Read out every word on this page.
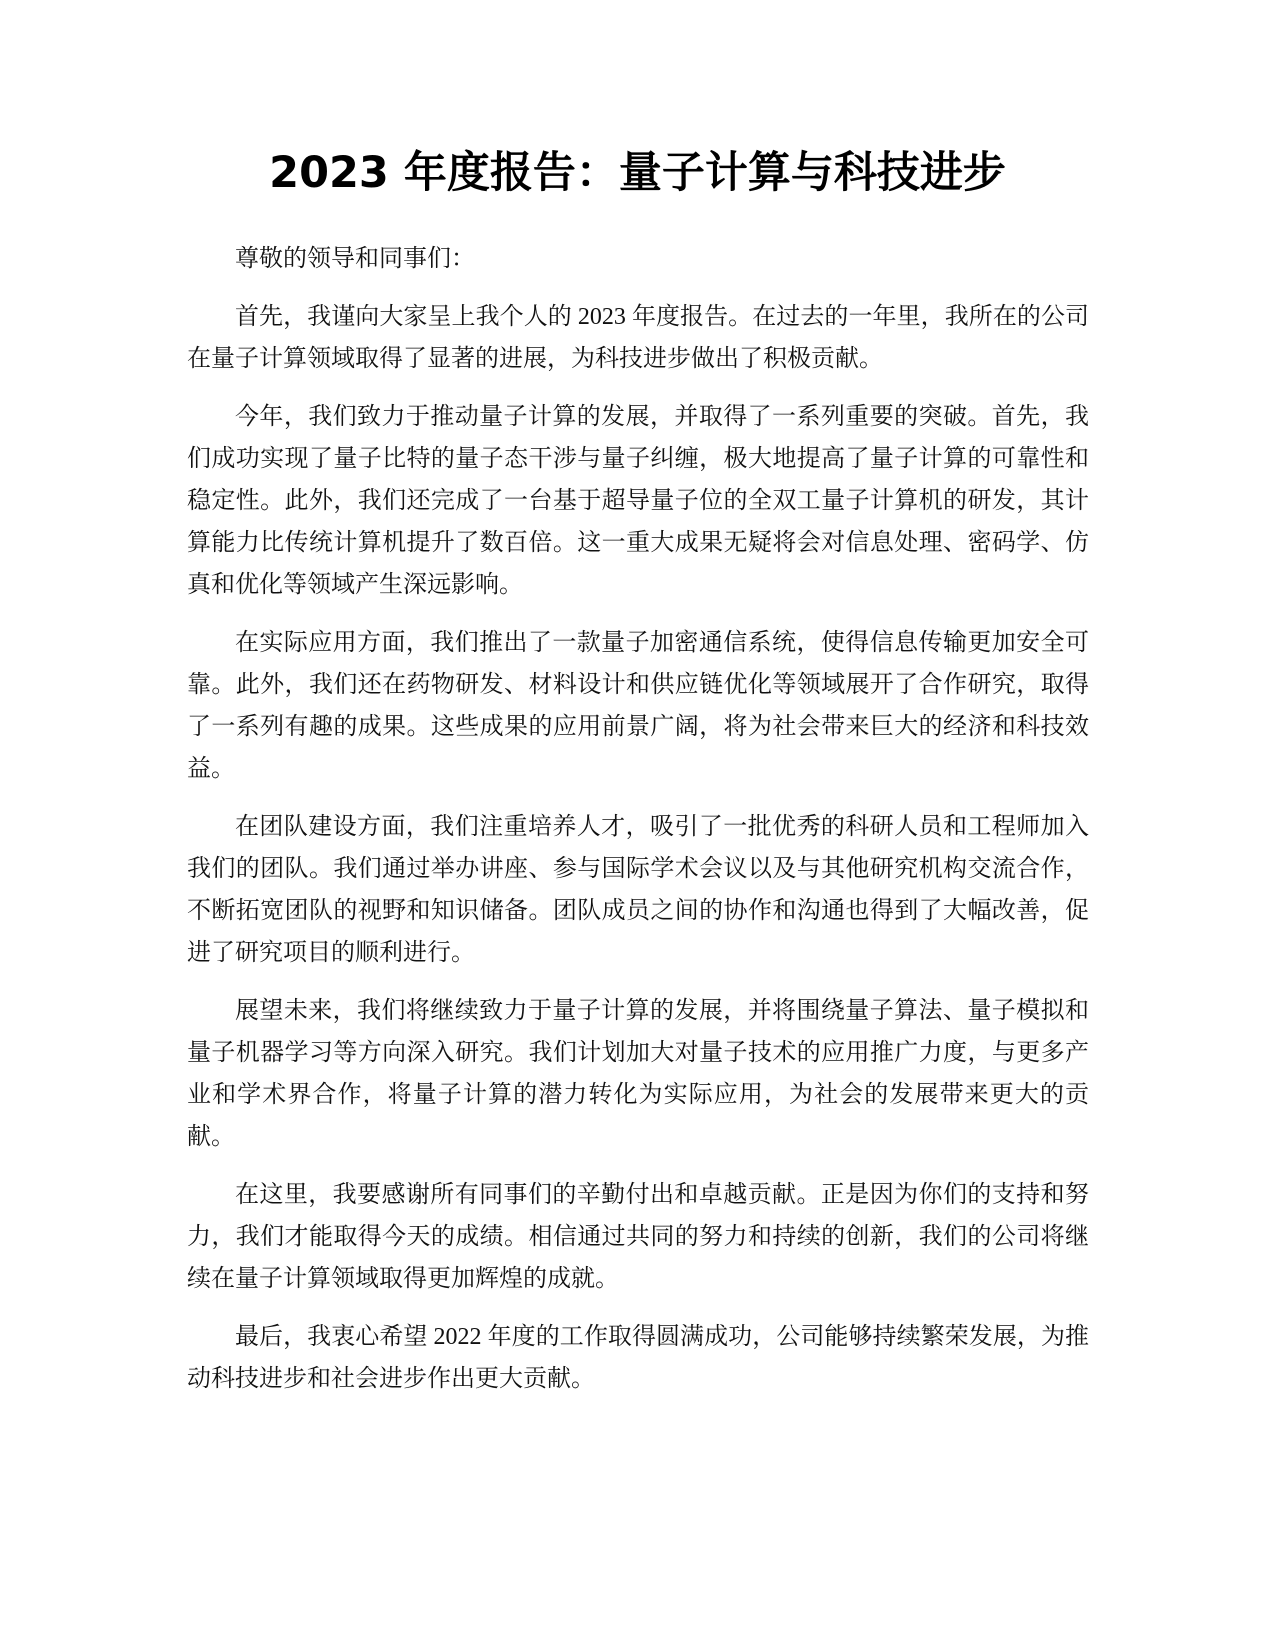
2023 年度报告：量子计算与科技进步

尊敬的领导和同事们：

首先，我谨向大家呈上我个人的 2023 年度报告。在过去的一年里，我所在的公司在量子计算领域取得了显著的进展，为科技进步做出了积极贡献。

今年，我们致力于推动量子计算的发展，并取得了一系列重要的突破。首先，我们成功实现了量子比特的量子态干涉与量子纠缠，极大地提高了量子计算的可靠性和稳定性。此外，我们还完成了一台基于超导量子位的全双工量子计算机的研发，其计算能力比传统计算机提升了数百倍。这一重大成果无疑将会对信息处理、密码学、仿真和优化等领域产生深远影响。

在实际应用方面，我们推出了一款量子加密通信系统，使得信息传输更加安全可靠。此外，我们还在药物研发、材料设计和供应链优化等领域展开了合作研究，取得了一系列有趣的成果。这些成果的应用前景广阔，将为社会带来巨大的经济和科技效益。

在团队建设方面，我们注重培养人才，吸引了一批优秀的科研人员和工程师加入我们的团队。我们通过举办讲座、参与国际学术会议以及与其他研究机构交流合作，不断拓宽团队的视野和知识储备。团队成员之间的协作和沟通也得到了大幅改善，促进了研究项目的顺利进行。

展望未来，我们将继续致力于量子计算的发展，并将围绕量子算法、量子模拟和量子机器学习等方向深入研究。我们计划加大对量子技术的应用推广力度，与更多产业和学术界合作，将量子计算的潜力转化为实际应用，为社会的发展带来更大的贡献。

在这里，我要感谢所有同事们的辛勤付出和卓越贡献。正是因为你们的支持和努力，我们才能取得今天的成绩。相信通过共同的努力和持续的创新，我们的公司将继续在量子计算领域取得更加辉煌的成就。

最后，我衷心希望 2022 年度的工作取得圆满成功，公司能够持续繁荣发展，为推动科技进步和社会进步作出更大贡献。
